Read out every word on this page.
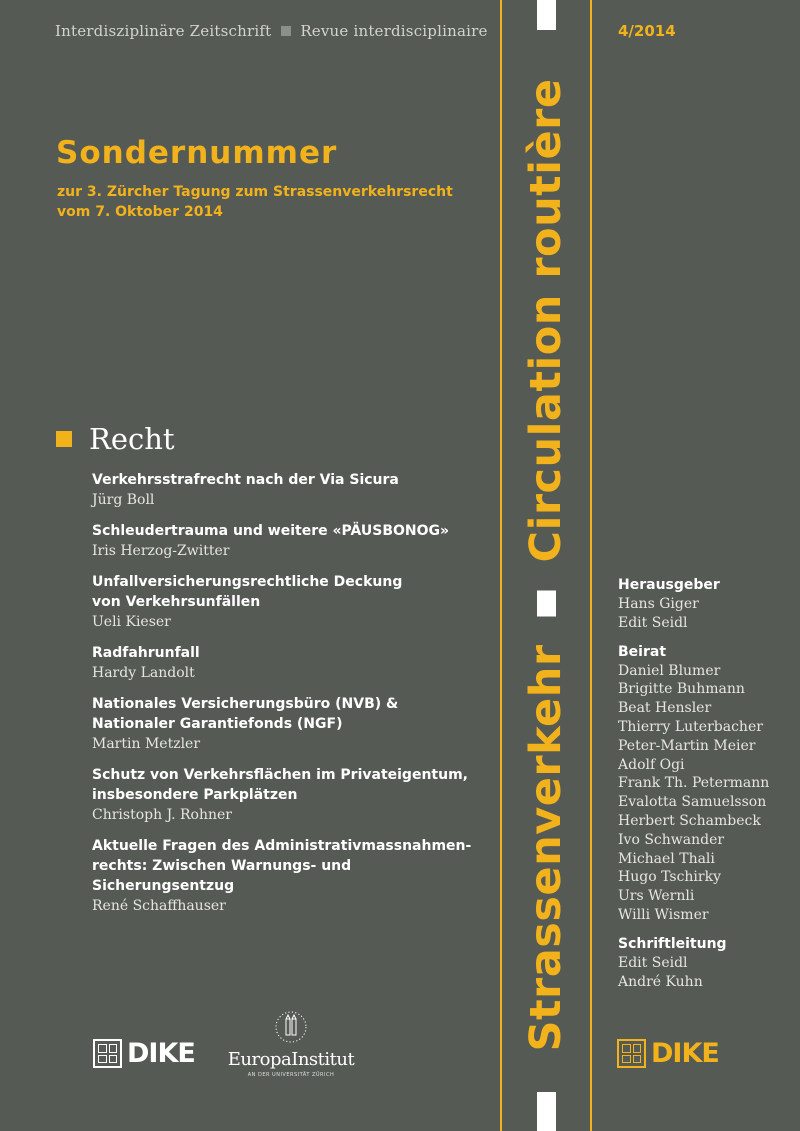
Interdisziplinäre Zeitschrift Revue interdisciplinaire	4/2014
Sondernummer
zur 3. Zürcher Tagung zum Strassenverkehrsrecht
vom 7. Oktober 2014
Strassenverkehr
Circulation routière
Recht
Verkehrsstrafrecht nach der Via Sicura
Jürg Boll
Schleudertrauma und weitere «PÄUSBONOG»
Iris Herzog-Zwitter
Unfallversicherungsrechtliche Deckung
von Verkehrsunfällen
Ueli Kieser
Radfahrunfall
Hardy Landolt
Nationales Versicherungsbüro (NVB) &
Nationaler Garantiefonds (NGF)
Martin Metzler
Schutz von Verkehrsflächen im Privateigentum,
insbesondere Parkplätzen
Christoph J. Rohner
Aktuelle Fragen des Administrativmassnahmen-
rechts: Zwischen Warnungs- und Sicherungsentzug
René Schaffhauser
Herausgeber
Hans Giger
Edit Seidl
Beirat
Daniel Blumer
Brigitte Buhmann
Beat Hensler
Thierry Luterbacher
Peter-Martin Meier
Adolf Ogi
Frank Th. Petermann
Evalotta Samuelsson
Herbert Schambeck
Ivo Schwander
Michael Thali
Hugo Tschirky
Urs Wernli
Willi Wismer
Schriftleitung
Edit Seidl
André Kuhn
DIKE EuropaInstitut
AN DER UNIVERSITÄT ZÜRICH
DIKE
